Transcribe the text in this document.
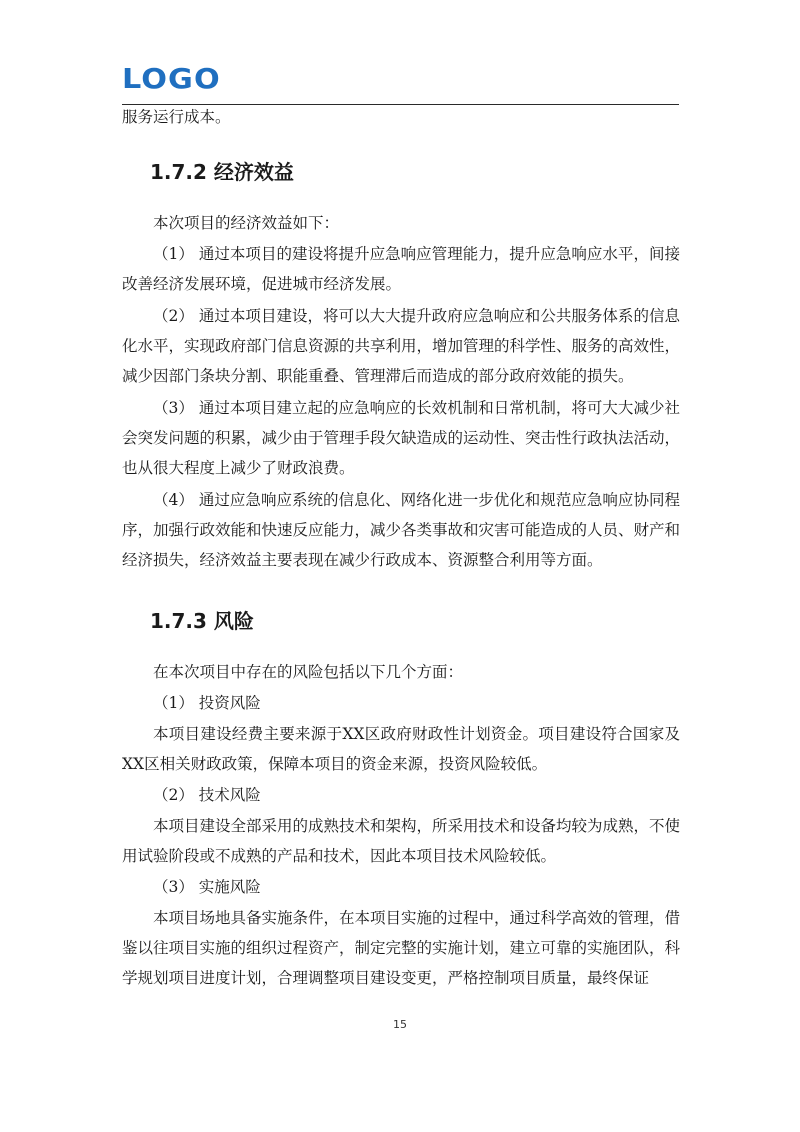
LOGO

服务运行成本。

1.7.2 经济效益

本次项目的经济效益如下：

（1） 通过本项目的建设将提升应急响应管理能力，提升应急响应水平，间接改善经济发展环境，促进城市经济发展。

（2） 通过本项目建设，将可以大大提升政府应急响应和公共服务体系的信息化水平，实现政府部门信息资源的共享利用，增加管理的科学性、服务的高效性，减少因部门条块分割、职能重叠、管理滞后而造成的部分政府效能的损失。

（3） 通过本项目建立起的应急响应的长效机制和日常机制，将可大大减少社会突发问题的积累，减少由于管理手段欠缺造成的运动性、突击性行政执法活动，也从很大程度上减少了财政浪费。

（4） 通过应急响应系统的信息化、网络化进一步优化和规范应急响应协同程序，加强行政效能和快速反应能力，减少各类事故和灾害可能造成的人员、财产和经济损失，经济效益主要表现在减少行政成本、资源整合利用等方面。

1.7.3 风险

在本次项目中存在的风险包括以下几个方面：

（1） 投资风险

本项目建设经费主要来源于XX区政府财政性计划资金。项目建设符合国家及XX区相关财政政策，保障本项目的资金来源，投资风险较低。

（2） 技术风险

本项目建设全部采用的成熟技术和架构，所采用技术和设备均较为成熟，不使用试验阶段或不成熟的产品和技术，因此本项目技术风险较低。

（3） 实施风险

本项目场地具备实施条件，在本项目实施的过程中，通过科学高效的管理，借鉴以往项目实施的组织过程资产，制定完整的实施计划，建立可靠的实施团队，科学规划项目进度计划，合理调整项目建设变更，严格控制项目质量，最终保证

15
